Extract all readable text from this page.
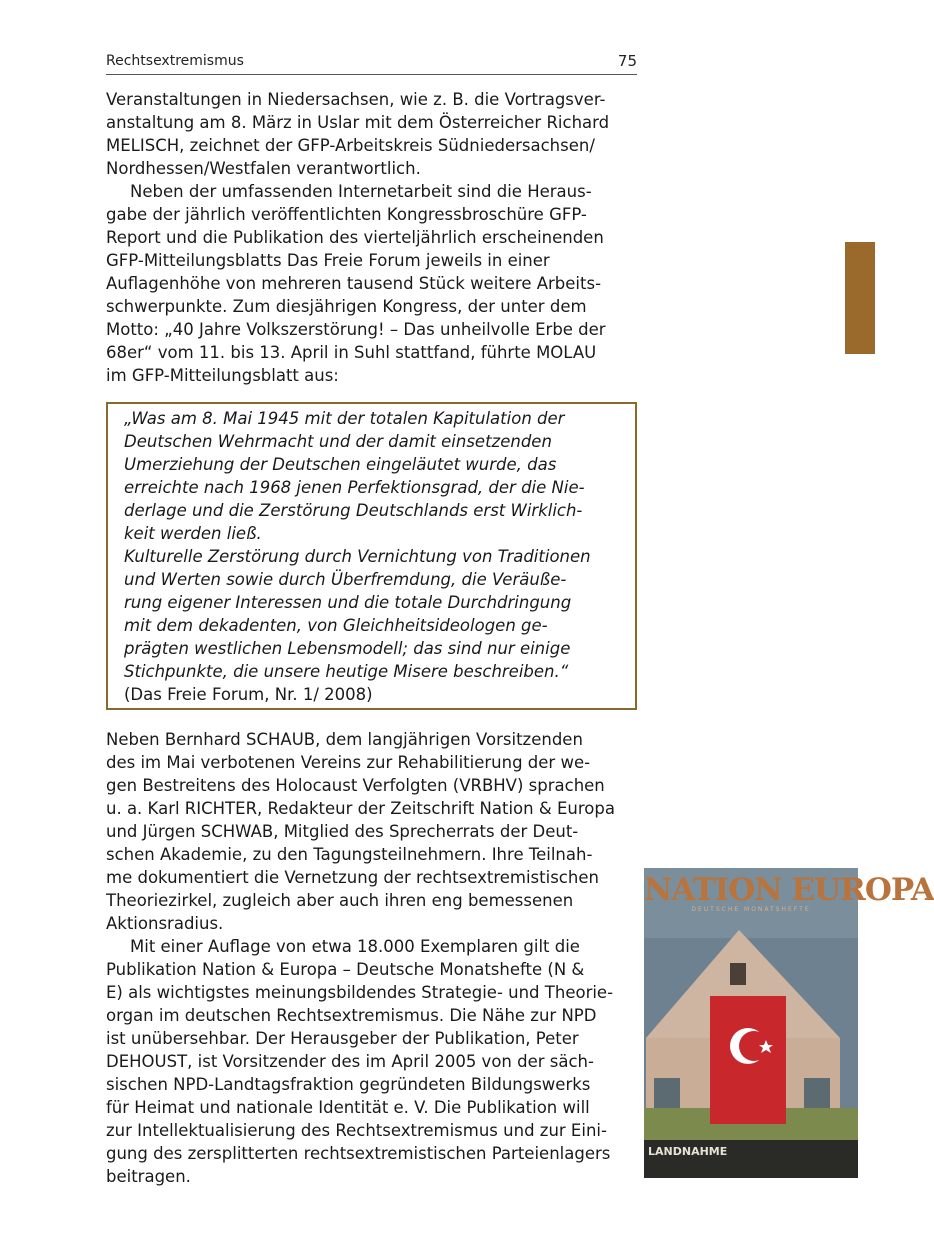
Rechtsextremismus	75
Veranstaltungen in Niedersachsen, wie z. B. die Vortragsver-
anstaltung am 8. März in Uslar mit dem Österreicher Richard
MELISCH, zeichnet der GFP-Arbeitskreis Südniedersachsen/
Nordhessen/Westfalen verantwortlich.
Neben der umfassenden Internetarbeit sind die Heraus-
gabe der jährlich veröffentlichten Kongressbroschüre GFP-
Report und die Publikation des vierteljährlich erscheinenden
GFP-Mitteilungsblatts Das Freie Forum jeweils in einer
Auflagenhöhe von mehreren tausend Stück weitere Arbeits-
schwerpunkte. Zum diesjährigen Kongress, der unter dem
Motto: „40 Jahre Volkszerstörung! – Das unheilvolle Erbe der
68er“ vom 11. bis 13. April in Suhl stattfand, führte MOLAU
im GFP-Mitteilungsblatt aus:
„Was am 8. Mai 1945 mit der totalen Kapitulation der
Deutschen Wehrmacht und der damit einsetzenden
Umerziehung der Deutschen eingeläutet wurde, das
erreichte nach 1968 jenen Perfektionsgrad, der die Nie-
derlage und die Zerstörung Deutschlands erst Wirklich-
keit werden ließ.
Kulturelle Zerstörung durch Vernichtung von Traditionen
und Werten sowie durch Überfremdung, die Veräuße-
rung eigener Interessen und die totale Durchdringung
mit dem dekadenten, von Gleichheitsideologen ge-
prägten westlichen Lebensmodell; das sind nur einige
Stichpunkte, die unsere heutige Misere beschreiben.“
(Das Freie Forum, Nr. 1/ 2008)
Neben Bernhard SCHAUB, dem langjährigen Vorsitzenden
des im Mai verbotenen Vereins zur Rehabilitierung der we-
gen Bestreitens des Holocaust Verfolgten (VRBHV) sprachen
u. a. Karl RICHTER, Redakteur der Zeitschrift Nation & Europa
und Jürgen SCHWAB, Mitglied des Sprecherrats der Deut-
schen Akademie, zu den Tagungsteilnehmern. Ihre Teilnah-
me dokumentiert die Vernetzung der rechtsextremistischen
Theoriezirkel, zugleich aber auch ihren eng bemessenen
Aktionsradius.
Mit einer Auflage von etwa 18.000 Exemplaren gilt die
Publikation Nation & Europa – Deutsche Monatshefte (N &
E) als wichtigstes meinungsbildendes Strategie- und Theorie-
organ im deutschen Rechtsextremismus. Die Nähe zur NPD
ist unübersehbar. Der Herausgeber der Publikation, Peter
DEHOUST, ist Vorsitzender des im April 2005 von der säch-
sischen NPD-Landtagsfraktion gegründeten Bildungswerks
für Heimat und nationale Identität e. V. Die Publikation will
zur Intellektualisierung des Rechtsextremismus und zur Eini-
gung des zersplitterten rechtsextremistischen Parteienlagers
beitragen.
NATION EUROPA
DEUTSCHE MONATSHEFTE
LANDNAHME
